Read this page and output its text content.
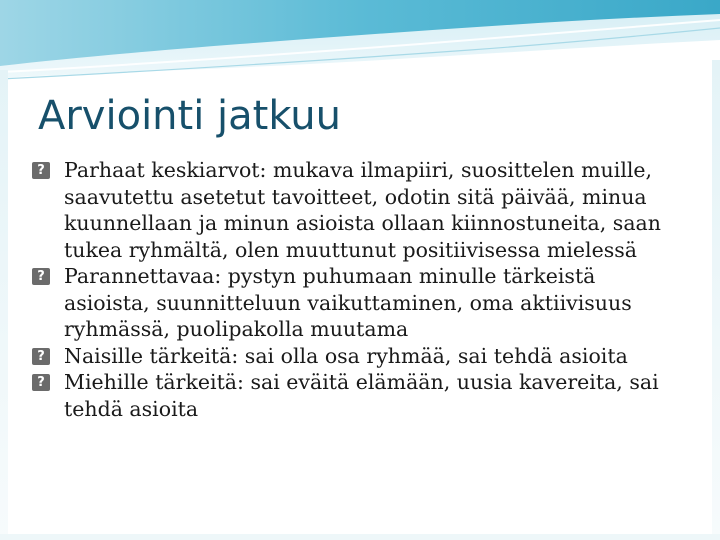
Arviointi jatkuu
? Parhaat keskiarvot: mukava ilmapiiri, suosittelen muille, saavutettu asetetut tavoitteet, odotin sitä päivää, minua kuunnellaan ja minun asioista ollaan kiinnostuneita, saan tukea ryhmältä, olen muuttunut positiivisessa mielessä
? Parannettavaa: pystyn puhumaan minulle tärkeistä asioista, suunnitteluun vaikuttaminen, oma aktiivisuus ryhmässä, puolipakolla muutama
? Naisille tärkeitä: sai olla osa ryhmää, sai tehdä asioita
? Miehille tärkeitä: sai eväitä elämään, uusia kavereita, sai tehdä asioita
